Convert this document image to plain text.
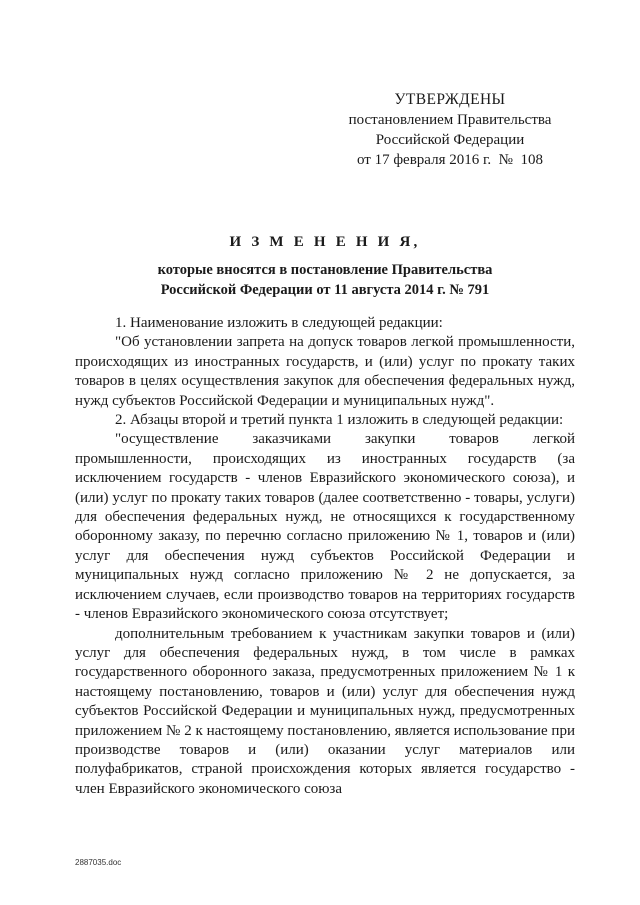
УТВЕРЖДЕНЫ
постановлением Правительства
Российской Федерации
от 17 февраля 2016 г.  №  108
И З М Е Н Е Н И Я,
которые вносятся в постановление Правительства
Российской Федерации от 11 августа 2014 г. № 791

1. Наименование изложить в следующей редакции:

"Об установлении запрета на допуск товаров легкой промышленности, происходящих из иностранных государств, и (или) услуг по прокату таких товаров в целях осуществления закупок для обеспечения федеральных нужд, нужд субъектов Российской Федерации и муниципальных нужд".

2. Абзацы второй и третий пункта 1 изложить в следующей редакции:

"осуществление заказчиками закупки товаров легкой промышленности, происходящих из иностранных государств (за исключением государств - членов Евразийского экономического союза), и (или) услуг по прокату таких товаров (далее соответственно - товары, услуги) для обеспечения федеральных нужд, не относящихся к государственному оборонному заказу, по перечню согласно приложению № 1, товаров и (или) услуг для обеспечения нужд субъектов Российской Федерации и муниципальных нужд согласно приложению № 2 не допускается, за исключением случаев, если производство товаров на территориях государств - членов Евразийского экономического союза отсутствует;

дополнительным требованием к участникам закупки товаров и (или) услуг для обеспечения федеральных нужд, в том числе в рамках государственного оборонного заказа, предусмотренных приложением № 1 к настоящему постановлению, товаров и (или) услуг для обеспечения нужд субъектов Российской Федерации и муниципальных нужд, предусмотренных приложением № 2 к настоящему постановлению, является использование при производстве товаров и (или) оказании услуг материалов или полуфабрикатов, страной происхождения которых является государство - член Евразийского экономического союза

2887035.doc
